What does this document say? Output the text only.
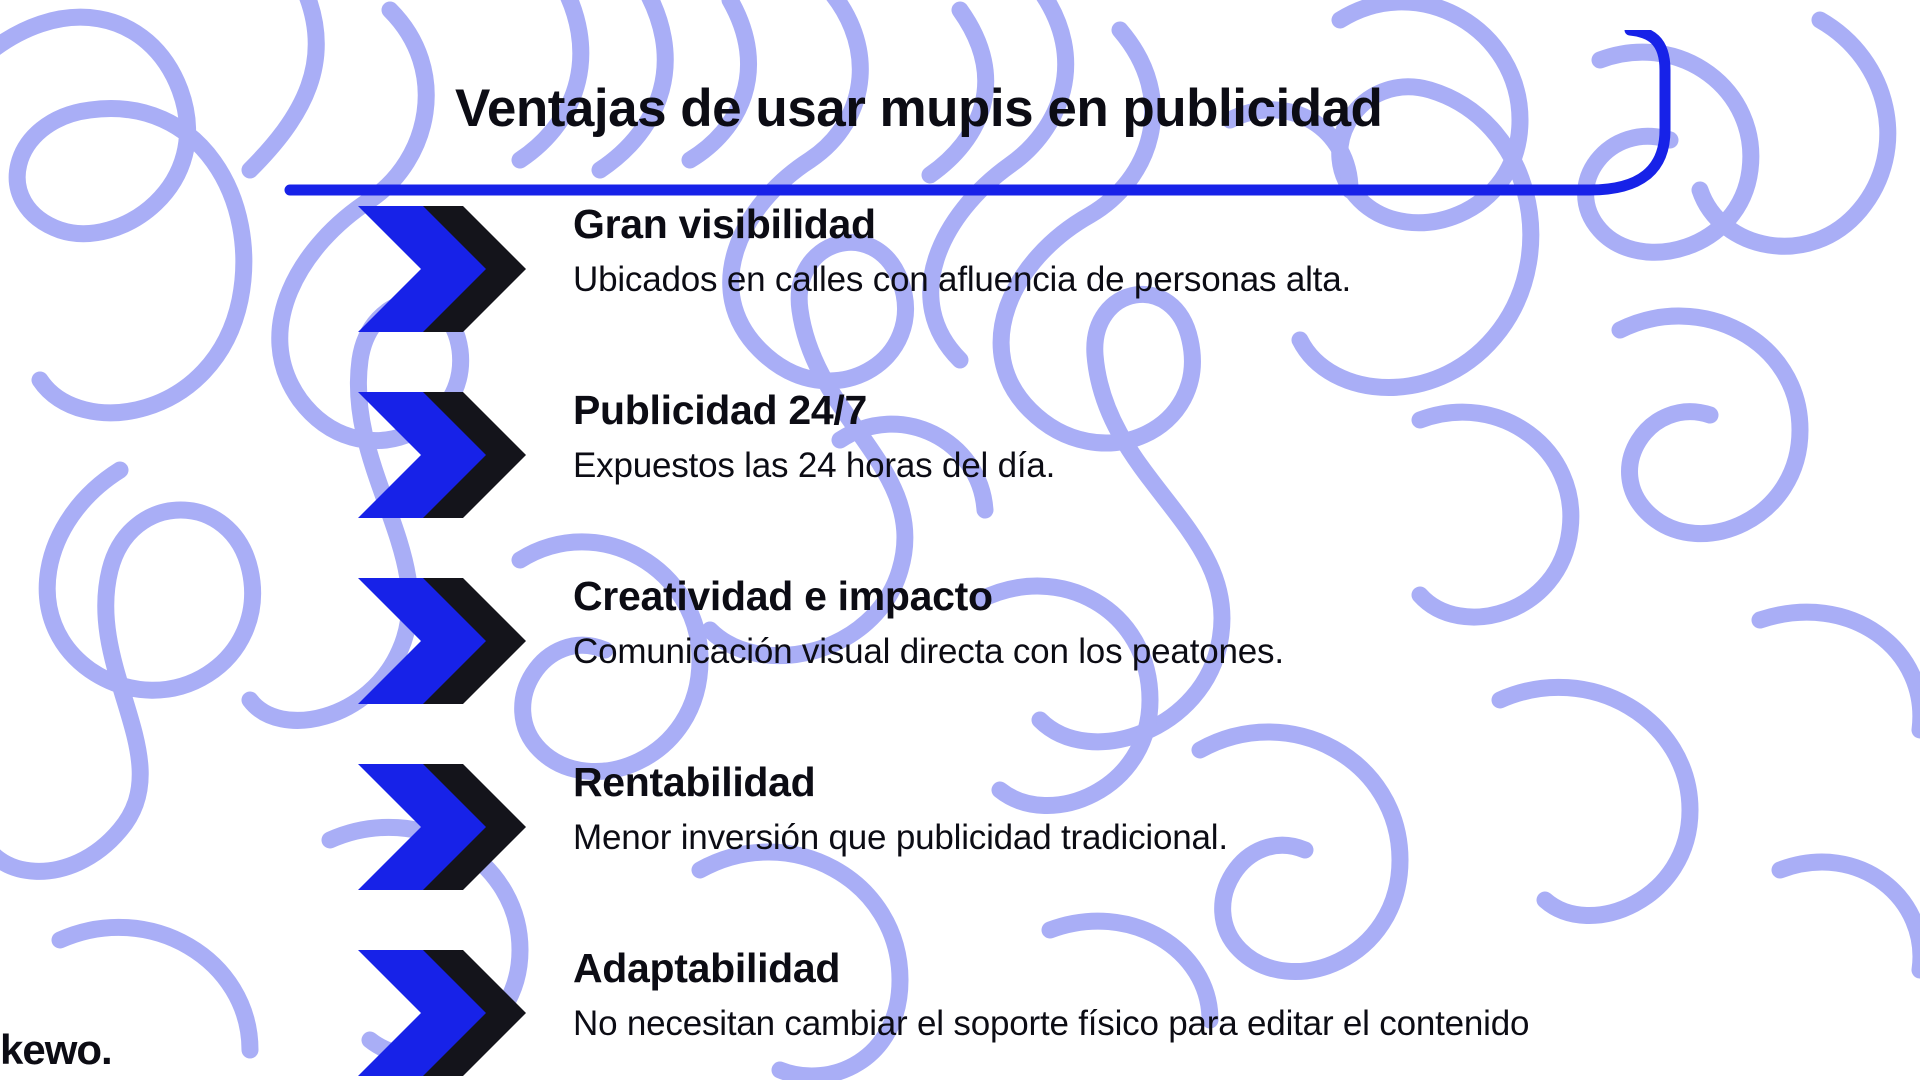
Ventajas de usar mupis en publicidad
Gran visibilidad
Ubicados en calles con afluencia de personas alta.
Publicidad 24/7
Expuestos las 24 horas del día.
Creatividad e impacto
Comunicación visual directa con los peatones.
Rentabilidad
Menor inversión que publicidad tradicional.
Adaptabilidad
No necesitan cambiar el soporte físico para editar el contenido
kewo.
